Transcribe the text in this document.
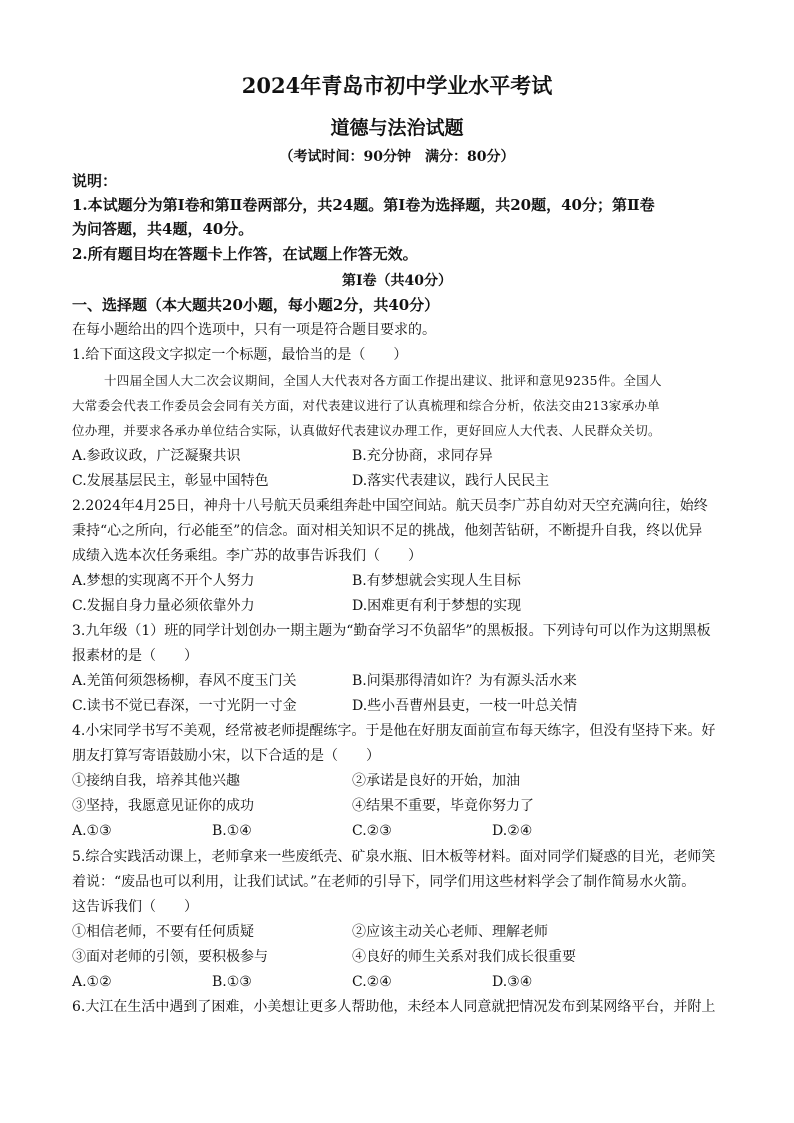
2024年青岛市初中学业水平考试
道德与法治试题
（考试时间：90分钟　满分：80分）
说明：
1.本试题分为第Ⅰ卷和第Ⅱ卷两部分，共24题。第Ⅰ卷为选择题，共20题，40分；第Ⅱ卷
为问答题，共4题，40分。
2.所有题目均在答题卡上作答，在试题上作答无效。
第Ⅰ卷（共40分）
一、选择题（本大题共20小题，每小题2分，共40分）
在每小题给出的四个选项中，只有一项是符合题目要求的。
1.给下面这段文字拟定一个标题，最恰当的是（　　）
十四届全国人大二次会议期间，全国人大代表对各方面工作提出建议、批评和意见9235件。全国人
大常委会代表工作委员会会同有关方面，对代表建议进行了认真梳理和综合分析，依法交由213家承办单
位办理，并要求各承办单位结合实际，认真做好代表建议办理工作，更好回应人大代表、人民群众关切。
A.参政议政，广泛凝聚共识	B.充分协商，求同存异
C.发展基层民主，彰显中国特色	D.落实代表建议，践行人民民主
2.2024年4月25日，神舟十八号航天员乘组奔赴中国空间站。航天员李广苏自幼对天空充满向往，始终
秉持“心之所向，行必能至”的信念。面对相关知识不足的挑战，他刻苦钻研，不断提升自我，终以优异
成绩入选本次任务乘组。李广苏的故事告诉我们（　　）
A.梦想的实现离不开个人努力	B.有梦想就会实现人生目标
C.发掘自身力量必须依靠外力	D.困难更有利于梦想的实现
3.九年级（1）班的同学计划创办一期主题为“勤奋学习不负韶华”的黑板报。下列诗句可以作为这期黑板
报素材的是（　　）
A.羌笛何须怨杨柳，春风不度玉门关	B.问渠那得清如许？为有源头活水来
C.读书不觉已春深，一寸光阴一寸金	D.些小吾曹州县吏，一枝一叶总关情
4.小宋同学书写不美观，经常被老师提醒练字。于是他在好朋友面前宣布每天练字，但没有坚持下来。好
朋友打算写寄语鼓励小宋，以下合适的是（　　）
①接纳自我，培养其他兴趣	②承诺是良好的开始，加油
③坚持，我愿意见证你的成功	④结果不重要，毕竟你努力了
A.①③	B.①④	C.②③	D.②④
5.综合实践活动课上，老师拿来一些废纸壳、矿泉水瓶、旧木板等材料。面对同学们疑惑的目光，老师笑
着说：“废品也可以利用，让我们试试。”在老师的引导下，同学们用这些材料学会了制作简易水火箭。
这告诉我们（　　）
①相信老师，不要有任何质疑	②应该主动关心老师、理解老师
③面对老师的引领，要积极参与	④良好的师生关系对我们成长很重要
A.①②	B.①③	C.②④	D.③④
6.大江在生活中遇到了困难，小美想让更多人帮助他，未经本人同意就把情况发布到某网络平台，并附上
